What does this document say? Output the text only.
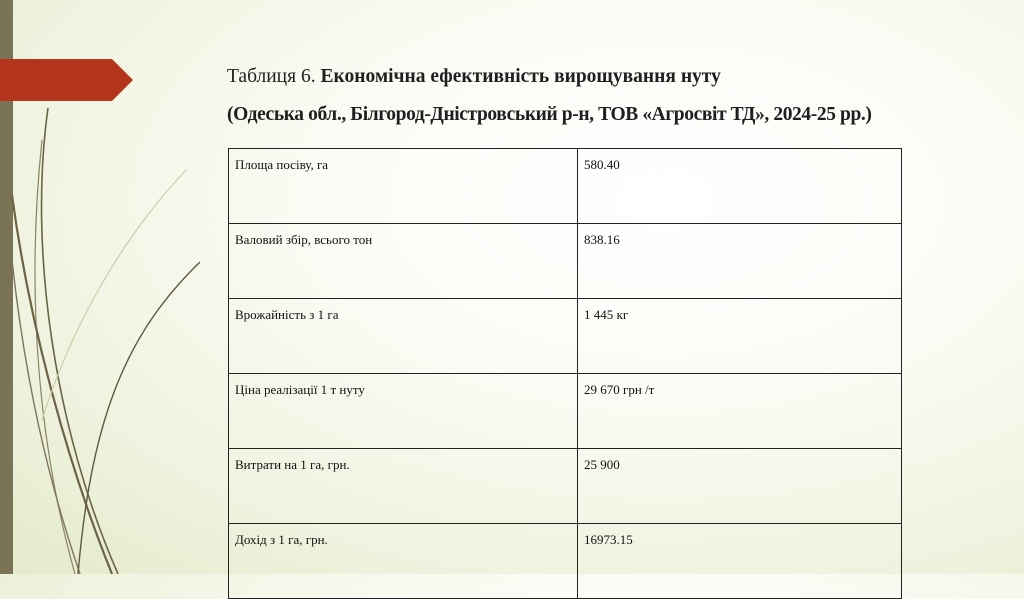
Таблиця 6. Економічна ефективність вирощування нуту
(Одеська обл., Білгород-Дністровський р-н, ТОВ «Агросвіт ТД», 2024-25 рр.)
Площа посіву, га	580.40
Валовий збір, всього тон	838.16
Врожайність з 1 га	1 445 кг
Ціна реалізації 1 т нуту	29 670 грн /т
Витрати на 1 га, грн.	25 900
Дохід з 1 га, грн.	16973.15
